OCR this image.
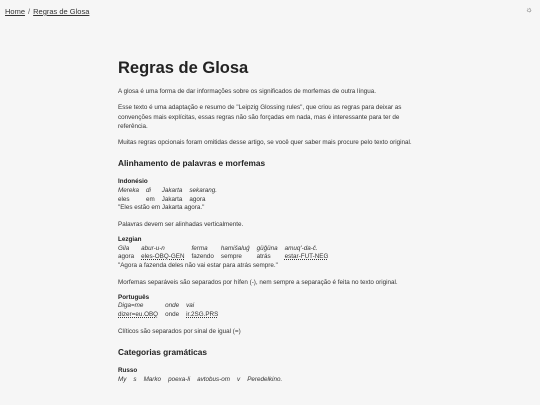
Home / Regras de Glosa	☼
Regras de Glosa

A glosa é uma forma de dar informações sobre os significados de morfemas de outra língua.

Esse texto é uma adaptação e resumo de "Leipzig Glossing rules", que criou as regras para deixar as convenções mais explícitas, essas regras não são forçadas em nada, mas é interessante para ter de referência.

Muitas regras opcionais foram omitidas desse artigo, se você quer saber mais procure pelo texto original.

Alinhamento de palavras e morfemas
Indonésio
Mereka	di	Jakarta	sekarang.
eles	em	Jakarta	agora
"Eles estão em Jakarta agora."

Palavras devem ser alinhadas verticalmente.

Lezgian
Gila	abur-u-n	ferma	hamišaluǵ	güǧüna	amuq'-da-č.
agora	eles-OBQ-GEN	fazendo	sempre	atrás	estar-FUT-NEG
"Agora a fazenda deles não vai estar para atrás sempre."

Morfemas separáveis são separados por hífen (-), nem sempre a separação é feita no texto original.

Português
Diga=me	onde	vai
dizer=eu.OBQ	onde	ir.2SG.PRS

Clíticos são separados por sinal de igual (=)

Categorias gramáticas
Russo
My	s	Marko	poexa-li	avtobus-om	v	Peredelkino.
